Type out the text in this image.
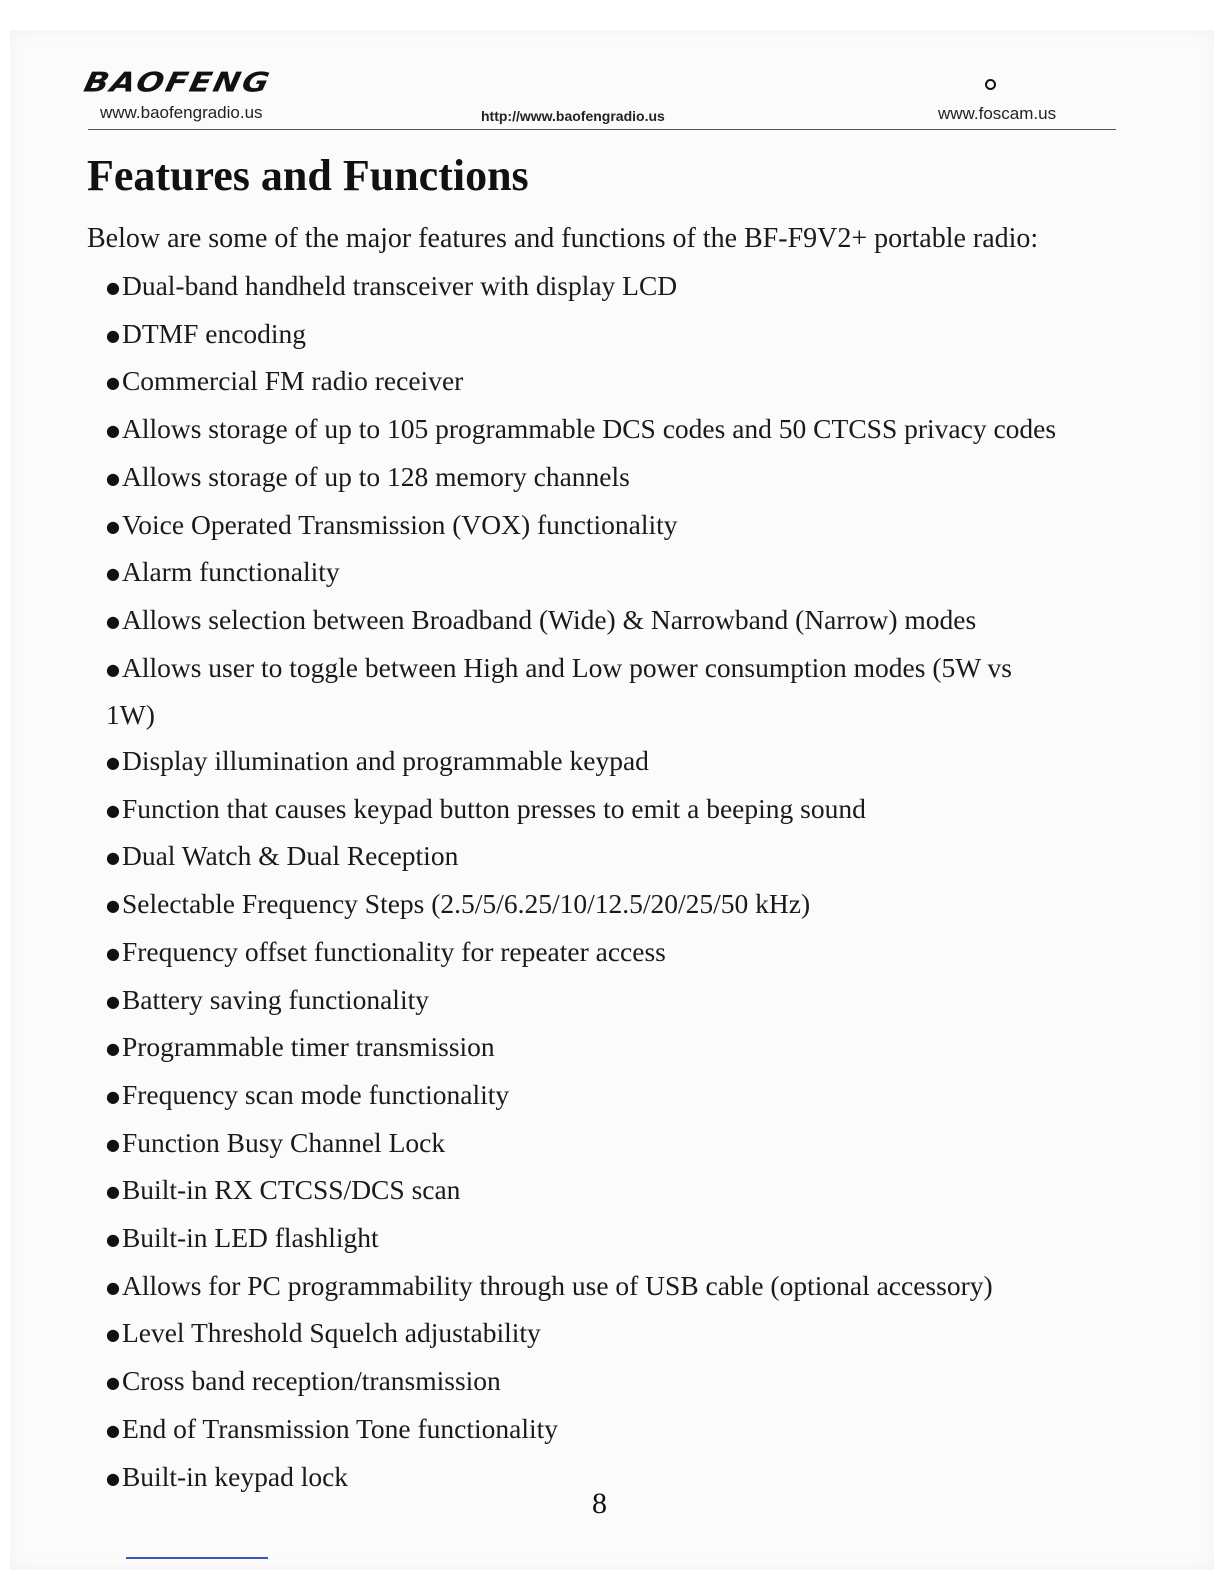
BAOFENG
www.baofengradio.us	http://www.baofengradio.us	www.foscam.us
Features and Functions
Below are some of the major features and functions of the BF-F9V2+ portable radio:
●Dual-band handheld transceiver with display LCD
●DTMF encoding
●Commercial FM radio receiver
●Allows storage of up to 105 programmable DCS codes and 50 CTCSS privacy codes
●Allows storage of up to 128 memory channels
●Voice Operated Transmission (VOX) functionality
●Alarm functionality
●Allows selection between Broadband (Wide) & Narrowband (Narrow) modes
●Allows user to toggle between High and Low power consumption modes (5W vs 1W)
●Display illumination and programmable keypad
●Function that causes keypad button presses to emit a beeping sound
●Dual Watch & Dual Reception
●Selectable Frequency Steps (2.5/5/6.25/10/12.5/20/25/50 kHz)
●Frequency offset functionality for repeater access
●Battery saving functionality
●Programmable timer transmission
●Frequency scan mode functionality
●Function Busy Channel Lock
●Built-in RX CTCSS/DCS scan
●Built-in LED flashlight
●Allows for PC programmability through use of USB cable (optional accessory)
●Level Threshold Squelch adjustability
●Cross band reception/transmission
●End of Transmission Tone functionality
●Built-in keypad lock
8
